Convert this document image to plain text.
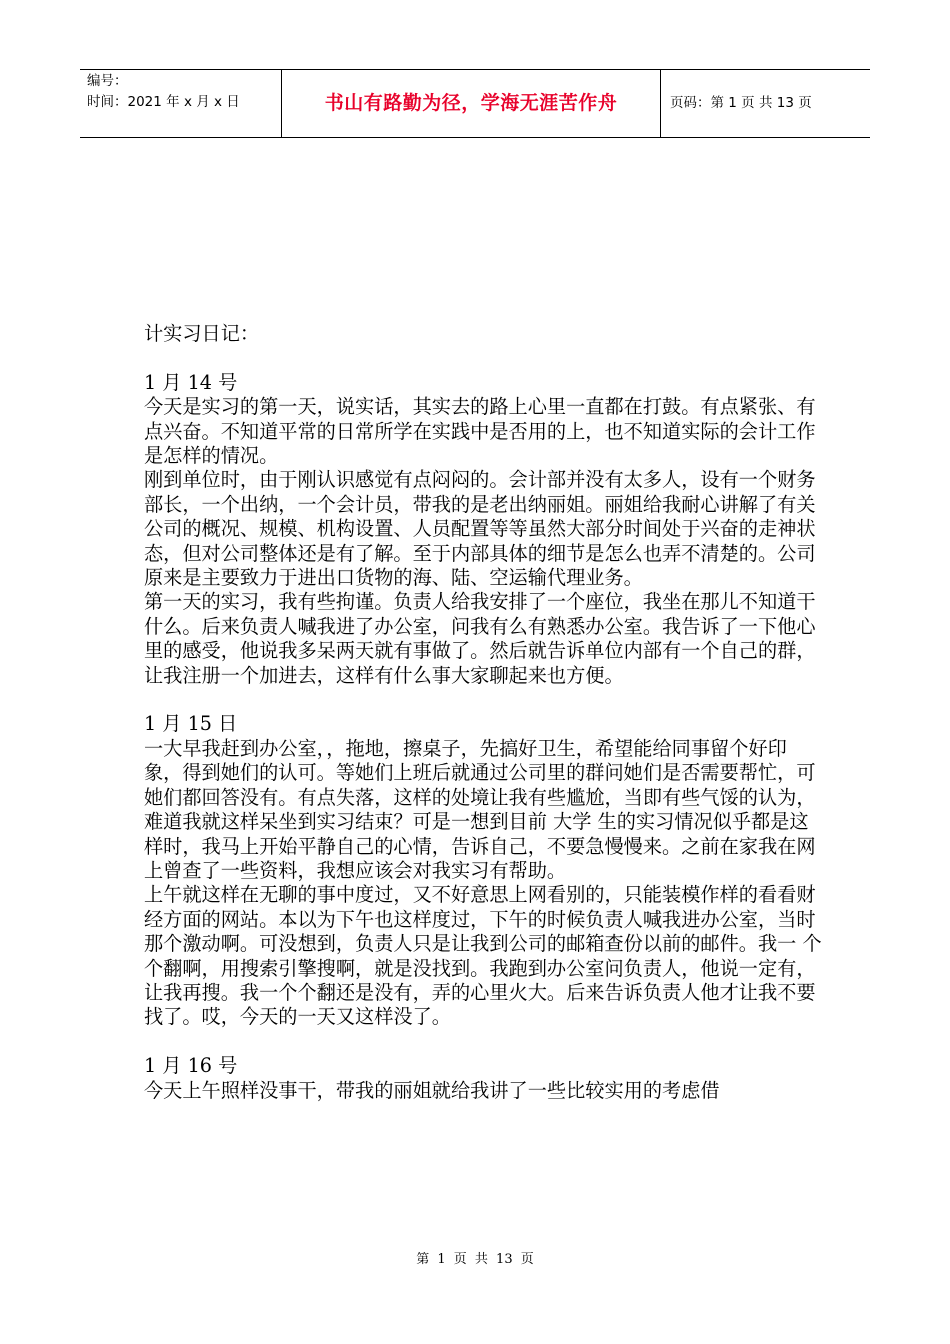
编号：
时间：2021 年 x 月 x 日	书山有路勤为径，学海无涯苦作舟	页码：第 1 页 共 13 页

计实习日记：

1 月 14 号

今天是实习的第一天，说实话，其实去的路上心里一直都在打鼓。有点紧张、有点兴奋。不知道平常的日常所学在实践中是否用的上，也不知道实际的会计工作是怎样的情况。

刚到单位时，由于刚认识感觉有点闷闷的。会计部并没有太多人，设有一个财务部长，一个出纳，一个会计员，带我的是老出纳丽姐。丽姐给我耐心讲解了有关公司的概况、规模、机构设置、人员配置等等虽然大部分时间处于兴奋的走神状态，但对公司整体还是有了解。至于内部具体的细节是怎么也弄不清楚的。公司原来是主要致力于进出口货物的海、陆、空运输代理业务。

第一天的实习，我有些拘谨。负责人给我安排了一个座位，我坐在那儿不知道干什么。后来负责人喊我进了办公室，问我有么有熟悉办公室。我告诉了一下他心里的感受，他说我多呆两天就有事做了。然后就告诉单位内部有一个自己的群，让我注册一个加进去，这样有什么事大家聊起来也方便。

1 月 15 日

一大早我赶到办公室，，拖地，擦桌子，先搞好卫生，希望能给同事留个好印象，得到她们的认可。等她们上班后就通过公司里的群问她们是否需要帮忙，可她们都回答没有。有点失落，这样的处境让我有些尴尬，当即有些气馁的认为，难道我就这样呆坐到实习结束？可是一想到目前 大学 生的实习情况似乎都是这样时，我马上开始平静自己的心情，告诉自己，不要急慢慢来。之前在家我在网上曾查了一些资料，我想应该会对我实习有帮助。

上午就这样在无聊的事中度过，又不好意思上网看别的，只能装模作样的看看财经方面的网站。本以为下午也这样度过，下午的时候负责人喊我进办公室，当时那个激动啊。可没想到，负责人只是让我到公司的邮箱查份以前的邮件。我一 个个翻啊，用搜索引擎搜啊，就是没找到。我跑到办公室问负责人，他说一定有，让我再搜。我一个个翻还是没有，弄的心里火大。后来告诉负责人他才让我不要找了。哎，今天的一天又这样没了。

1 月 16 号

今天上午照样没事干，带我的丽姐就给我讲了一些比较实用的考虑借

第 1 页 共 13 页
